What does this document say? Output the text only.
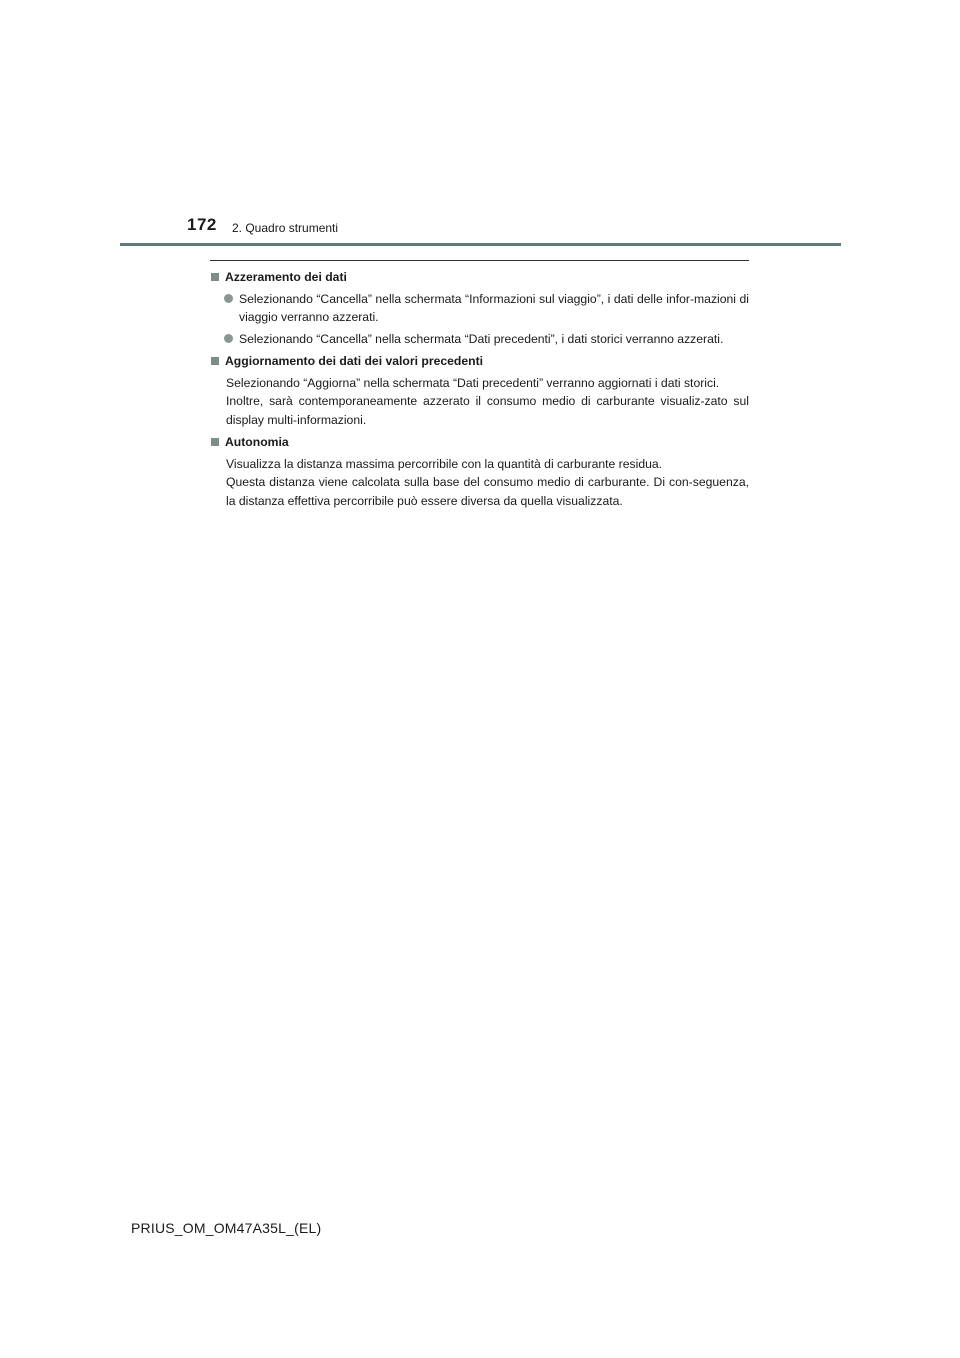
172 2. Quadro strumenti
Azzeramento dei dati
Selezionando “Cancella” nella schermata “Informazioni sul viaggio”, i dati delle infor-mazioni di viaggio verranno azzerati.
Selezionando “Cancella” nella schermata “Dati precedenti”, i dati storici verranno azzerati.
Aggiornamento dei dati dei valori precedenti
Selezionando “Aggiorna” nella schermata “Dati precedenti” verranno aggiornati i dati storici.
Inoltre, sarà contemporaneamente azzerato il consumo medio di carburante visualiz-zato sul display multi-informazioni.
Autonomia
Visualizza la distanza massima percorribile con la quantità di carburante residua.
Questa distanza viene calcolata sulla base del consumo medio di carburante. Di con-seguenza, la distanza effettiva percorribile può essere diversa da quella visualizzata.
PRIUS_OM_OM47A35L_(EL)
